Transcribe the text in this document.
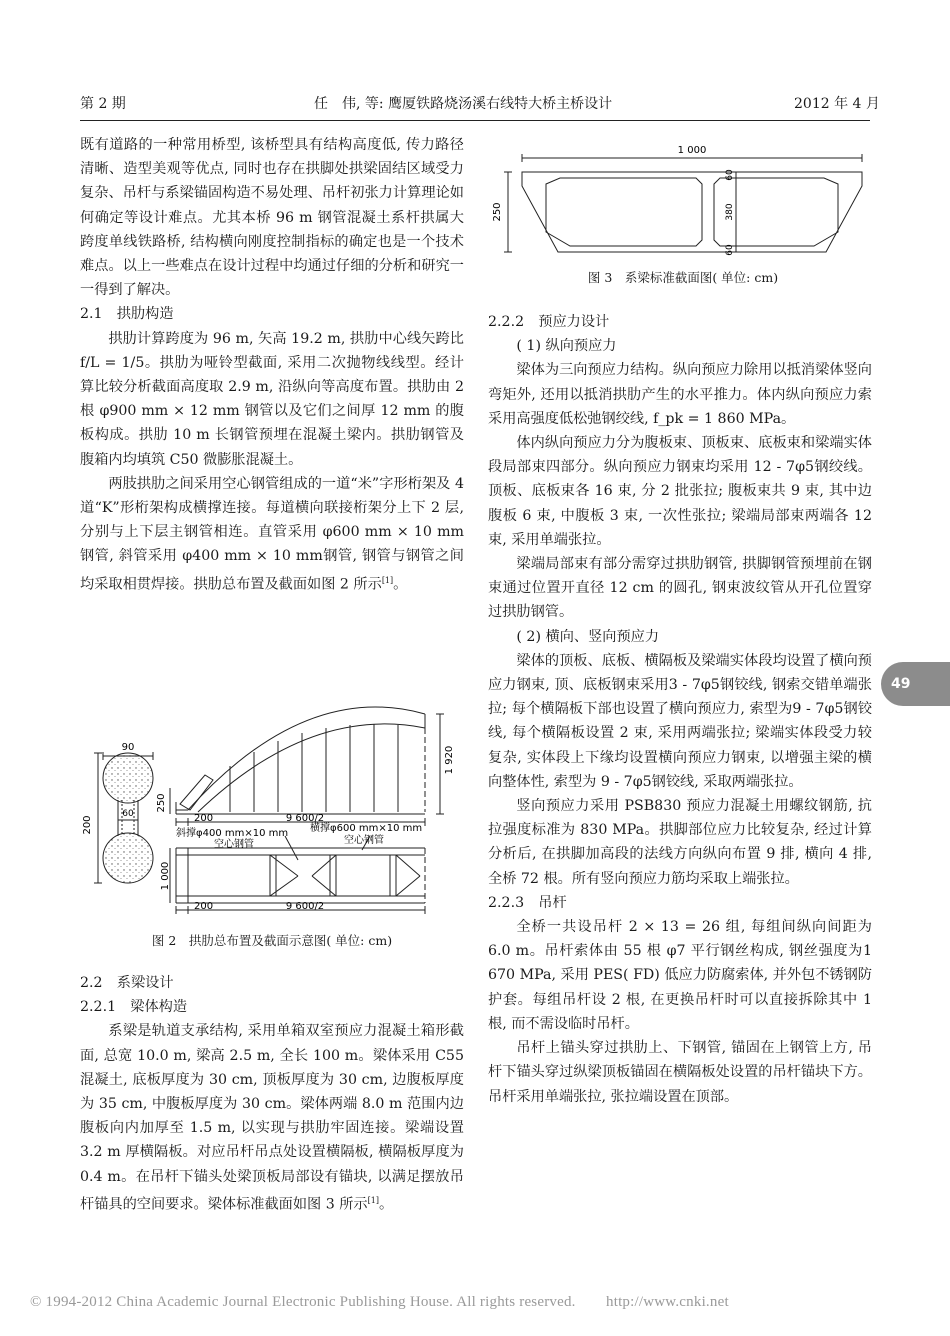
第 2 期	任　伟, 等: 鹰厦铁路烧汤溪右线特大桥主桥设计	2012 年 4 月

既有道路的一种常用桥型, 该桥型具有结构高度低, 传力路径清晰、造型美观等优点, 同时也存在拱脚处拱梁固结区域受力复杂、吊杆与系梁锚固构造不易处理、吊杆初张力计算理论如何确定等设计难点。尤其本桥 96 m 钢管混凝土系杆拱属大跨度单线铁路桥, 结构横向刚度控制指标的确定也是一个技术难点。以上一些难点在设计过程中均通过仔细的分析和研究一一得到了解决。

2.1　拱肋构造

拱肋计算跨度为 96 m, 矢高 19.2 m, 拱肋中心线矢跨比 f/L = 1/5。拱肋为哑铃型截面, 采用二次抛物线线型。经计算比较分析截面高度取 2.9 m, 沿纵向等高度布置。拱肋由 2 根 φ900 mm × 12 mm 钢管以及它们之间厚 12 mm 的腹板构成。拱肋 10 m 长钢管预埋在混凝土梁内。拱肋钢管及腹箱内均填筑 C50 微膨胀混凝土。

两肢拱肋之间采用空心钢管组成的一道“米”字形桁架及 4 道“K”形桁架构成横撑连接。每道横向联接桁架分上下 2 层, 分别与上下层主钢管相连。直管采用 φ600 mm × 10 mm 钢管, 斜管采用 φ400 mm × 10 mm钢管, 钢管与钢管之间均采取相贯焊接。拱肋总布置及截面如图 2 所示[1]。

90
60
200
250
1 920
200	9 600/2
1 000
200	9 600/2
斜撑φ400 mm×10 mm
空心钢管
横撑φ600 mm×10 mm
空心钢管
图 2　拱肋总布置及截面示意图( 单位: cm)

2.2　系梁设计

2.2.1　梁体构造

系梁是轨道支承结构, 采用单箱双室预应力混凝土箱形截面, 总宽 10.0 m, 梁高 2.5 m, 全长 100 m。梁体采用 C55 混凝土, 底板厚度为 30 cm, 顶板厚度为 30 cm, 边腹板厚度为 35 cm, 中腹板厚度为 30 cm。梁体两端 8.0 m 范围内边腹板向内加厚至 1.5 m, 以实现与拱肋牢固连接。梁端设置 3.2 m 厚横隔板。对应吊杆吊点处设置横隔板, 横隔板厚度为 0.4 m。在吊杆下锚头处梁顶板局部设有锚块, 以满足摆放吊杆锚具的空间要求。梁体标准截面如图 3 所示[1]。

1 000
250
60
380
60
图 3　系梁标准截面图( 单位: cm)

2.2.2　预应力设计

( 1) 纵向预应力

梁体为三向预应力结构。纵向预应力除用以抵消梁体竖向弯矩外, 还用以抵消拱肋产生的水平推力。体内纵向预应力索采用高强度低松弛钢绞线, f_pk = 1 860 MPa。

体内纵向预应力分为腹板束、顶板束、底板束和梁端实体段局部束四部分。纵向预应力钢束均采用 12 - 7φ5钢绞线。顶板、底板束各 16 束, 分 2 批张拉; 腹板束共 9 束, 其中边腹板 6 束, 中腹板 3 束, 一次性张拉; 梁端局部束两端各 12 束, 采用单端张拉。

梁端局部束有部分需穿过拱肋钢管, 拱脚钢管预埋前在钢束通过位置开直径 12 cm 的圆孔, 钢束波纹管从开孔位置穿过拱肋钢管。

( 2) 横向、竖向预应力

梁体的顶板、底板、横隔板及梁端实体段均设置了横向预应力钢束, 顶、底板钢束采用3 - 7φ5钢铰线, 钢索交错单端张拉; 每个横隔板下部也设置了横向预应力, 索型为9 - 7φ5钢铰线, 每个横隔板设置 2 束, 采用两端张拉; 梁端实体段受力较复杂, 实体段上下缘均设置横向预应力钢束, 以增强主梁的横向整体性, 索型为 9 - 7φ5钢铰线, 采取两端张拉。

竖向预应力采用 PSB830 预应力混凝土用螺纹钢筋, 抗拉强度标准为 830 MPa。拱脚部位应力比较复杂, 经过计算分析后, 在拱脚加高段的法线方向纵向布置 9 排, 横向 4 排, 全桥 72 根。所有竖向预应力筋均采取上端张拉。

2.2.3　吊杆

全桥一共设吊杆 2 × 13 = 26 组, 每组间纵向间距为 6.0 m。吊杆索体由 55 根 φ7 平行钢丝构成, 钢丝强度为1 670 MPa, 采用 PES( FD) 低应力防腐索体, 并外包不锈钢防护套。每组吊杆设 2 根, 在更换吊杆时可以直接拆除其中 1 根, 而不需设临时吊杆。

吊杆上锚头穿过拱肋上、下钢管, 锚固在上钢管上方, 吊杆下锚头穿过纵梁顶板锚固在横隔板处设置的吊杆锚块下方。吊杆采用单端张拉, 张拉端设置在顶部。

49
© 1994-2012 China Academic Journal Electronic Publishing House. All rights reserved.　　http://www.cnki.net
